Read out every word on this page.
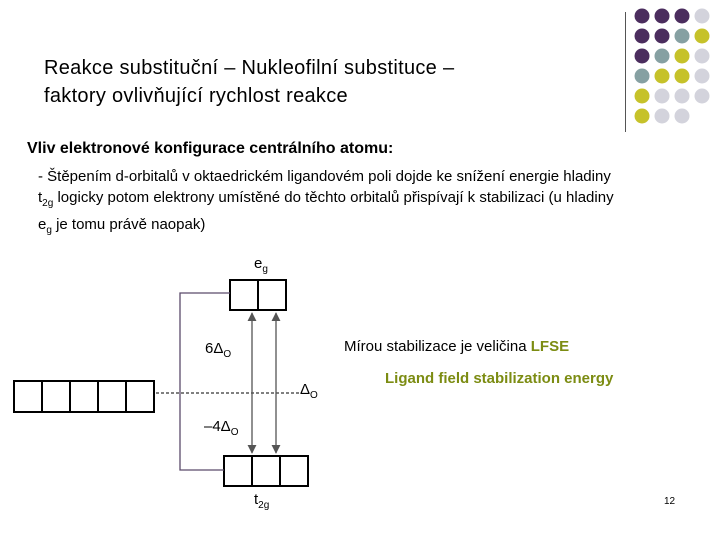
Reakce substituční – Nukleofilní substituce –
faktory ovlivňující rychlost reakce
Vliv elektronové konfigurace centrálního atomu:
- Štěpením d-orbitalů v oktaedrickém ligandovém poli dojde ke snížení energie hladiny $t_{2g}$ logicky potom elektrony umístěné do těchto orbitalů přispívají k stabilizaci (u hladiny $e_g$ je tomu právě naopak)
$e_g$
$6\Delta_O$
$\Delta_O$
$-4\Delta_O$
$t_{2g}$
Mírou stabilizace je veličina LFSE
Ligand field stabilization energy
12
